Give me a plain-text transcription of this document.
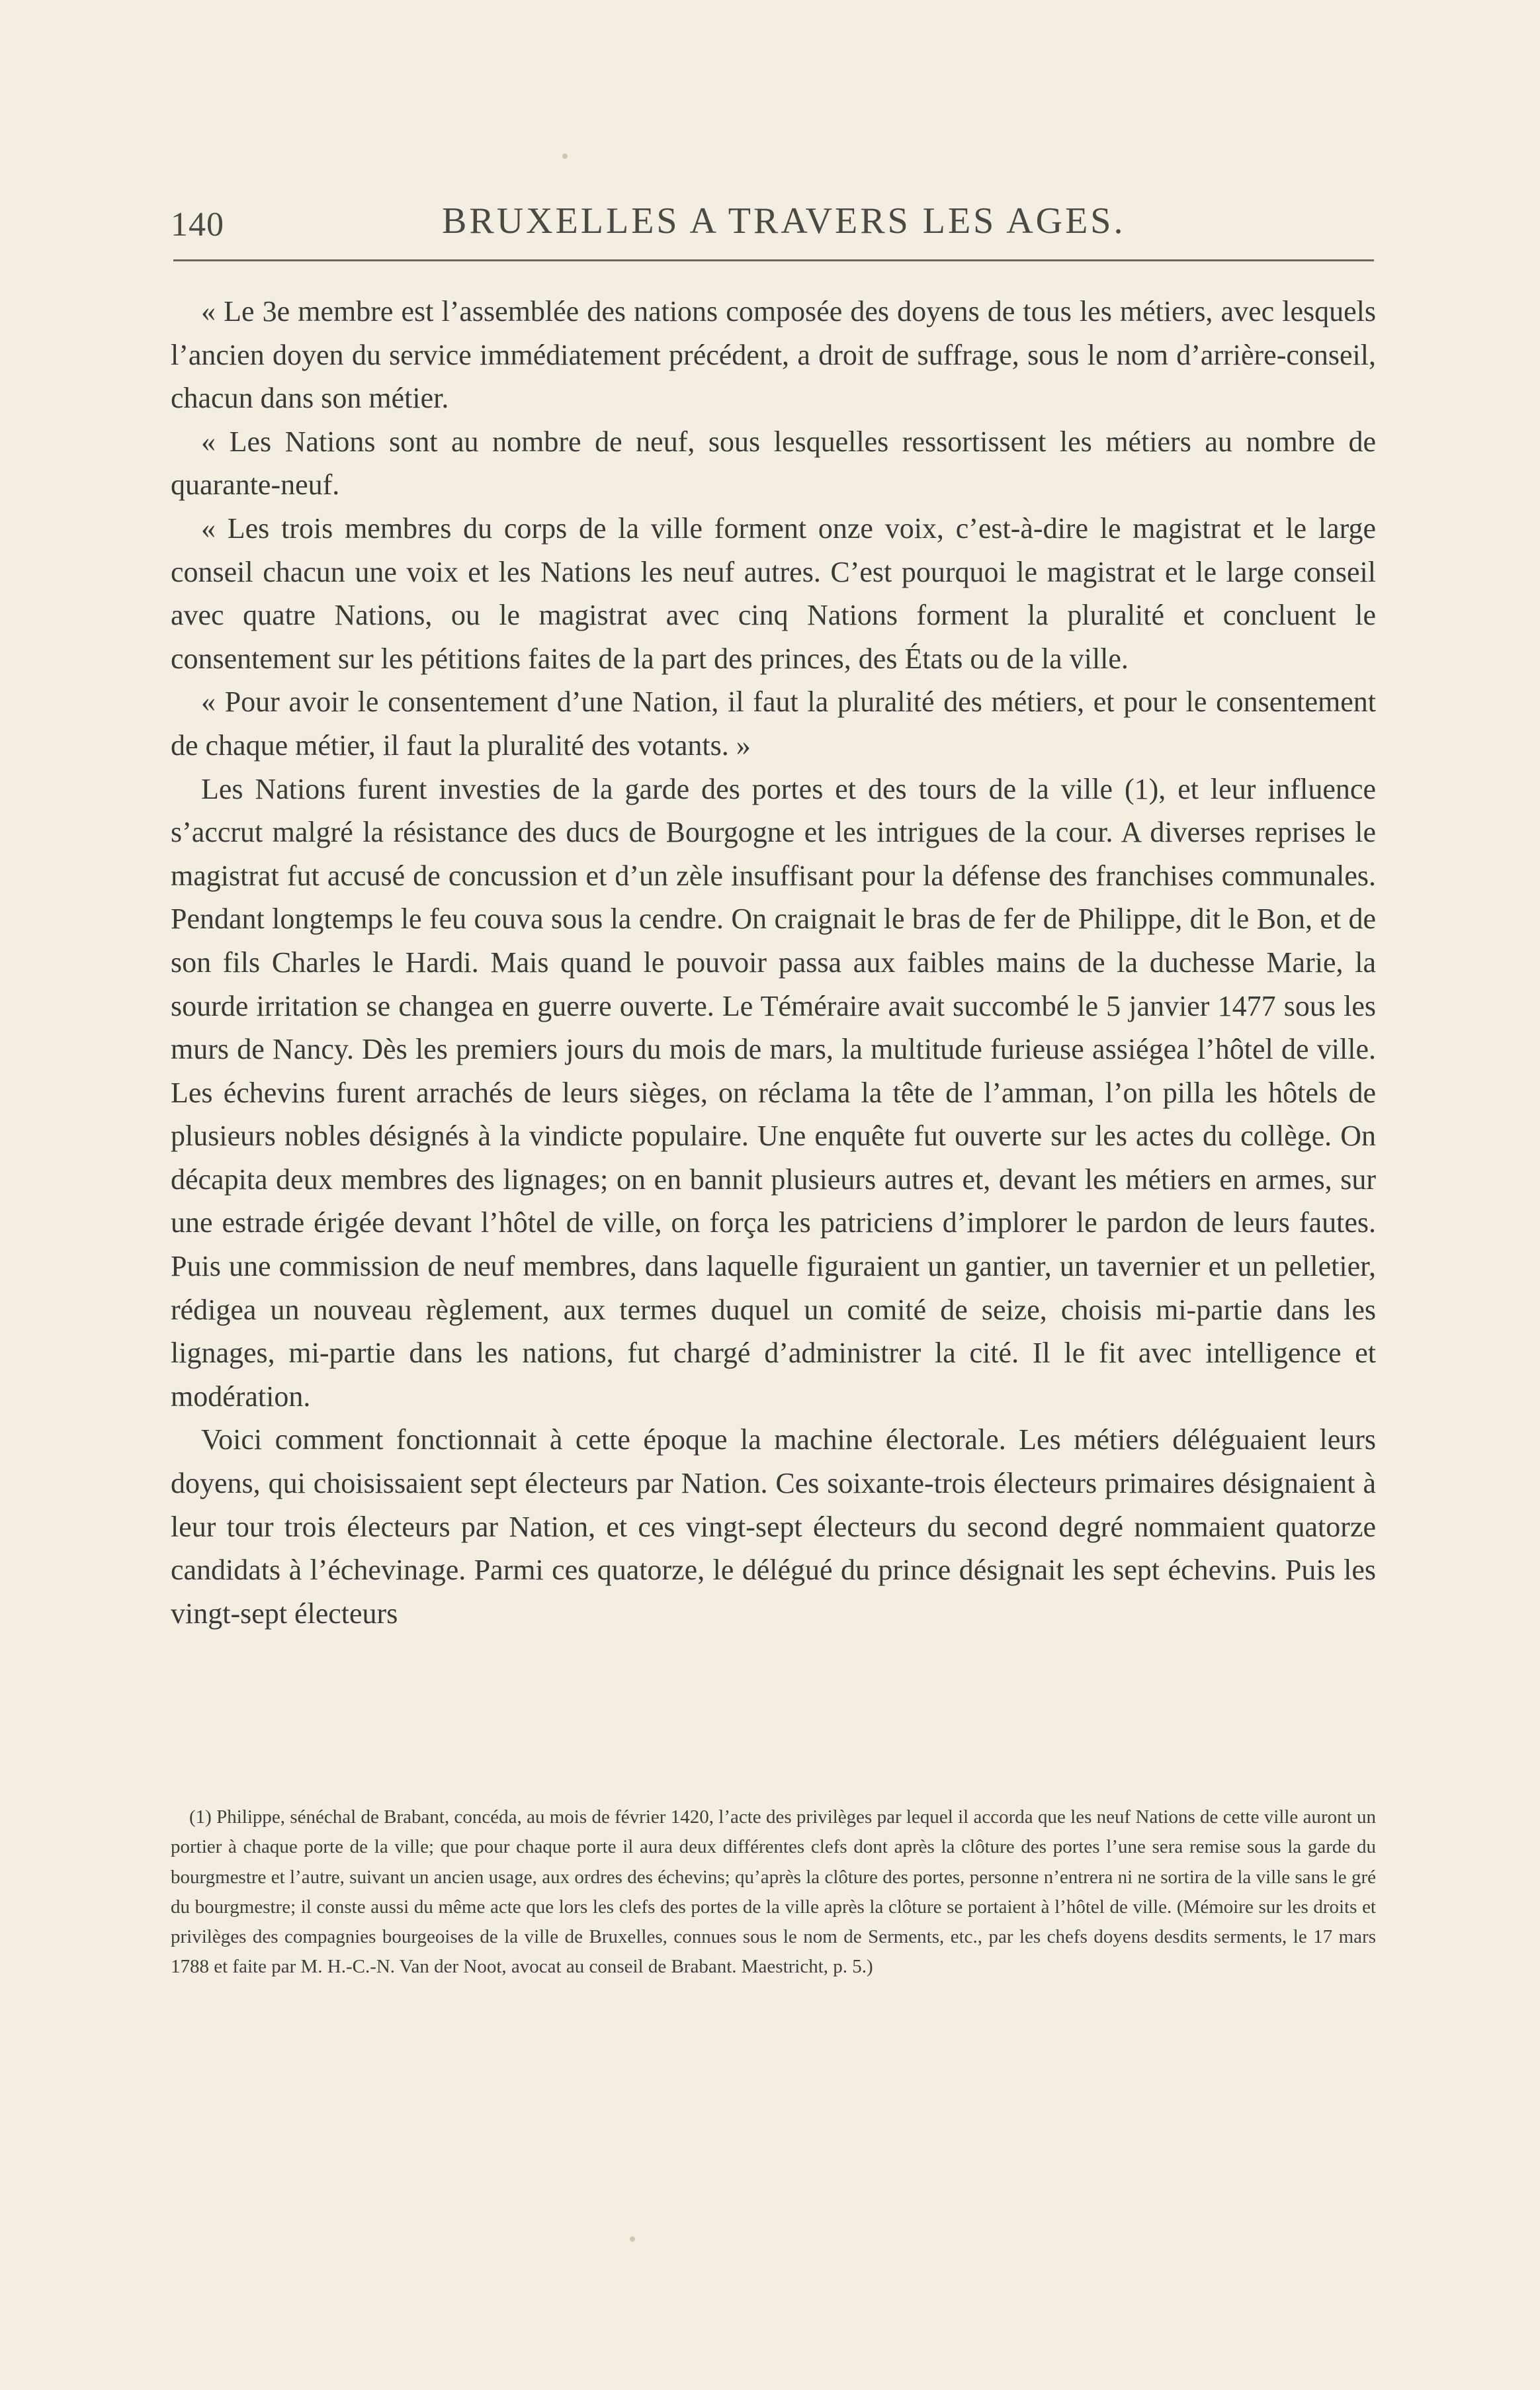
140	BRUXELLES A TRAVERS LES AGES.

« Le 3e membre est l’assemblée des nations composée des doyens de tous les métiers, avec lesquels l’ancien doyen du service immédiatement précédent, a droit de suffrage, sous le nom d’arrière-conseil, chacun dans son métier.

« Les Nations sont au nombre de neuf, sous lesquelles ressortissent les métiers au nombre de quarante-neuf.

« Les trois membres du corps de la ville forment onze voix, c’est-à-dire le magistrat et le large conseil chacun une voix et les Nations les neuf autres. C’est pourquoi le magistrat et le large conseil avec quatre Nations, ou le magistrat avec cinq Nations forment la pluralité et concluent le consentement sur les pétitions faites de la part des princes, des États ou de la ville.

« Pour avoir le consentement d’une Nation, il faut la pluralité des métiers, et pour le consentement de chaque métier, il faut la pluralité des votants. »

Les Nations furent investies de la garde des portes et des tours de la ville (1), et leur influence s’accrut malgré la résistance des ducs de Bourgogne et les intrigues de la cour. A diverses reprises le magistrat fut accusé de concussion et d’un zèle insuffisant pour la défense des franchises communales. Pendant longtemps le feu couva sous la cendre. On craignait le bras de fer de Philippe, dit le Bon, et de son fils Charles le Hardi. Mais quand le pouvoir passa aux faibles mains de la duchesse Marie, la sourde irritation se changea en guerre ouverte. Le Téméraire avait succombé le 5 janvier 1477 sous les murs de Nancy. Dès les premiers jours du mois de mars, la multitude furieuse assiégea l’hôtel de ville. Les échevins furent arrachés de leurs sièges, on réclama la tête de l’amman, l’on pilla les hôtels de plusieurs nobles désignés à la vindicte populaire. Une enquête fut ouverte sur les actes du collège. On décapita deux membres des lignages; on en bannit plusieurs autres et, devant les métiers en armes, sur une estrade érigée devant l’hôtel de ville, on força les patriciens d’implorer le pardon de leurs fautes. Puis une commission de neuf membres, dans laquelle figuraient un gantier, un tavernier et un pelletier, rédigea un nouveau règlement, aux termes duquel un comité de seize, choisis mi-partie dans les lignages, mi-partie dans les nations, fut chargé d’administrer la cité. Il le fit avec intelligence et modération.

Voici comment fonctionnait à cette époque la machine électorale. Les métiers déléguaient leurs doyens, qui choisissaient sept électeurs par Nation. Ces soixante-trois électeurs primaires désignaient à leur tour trois électeurs par Nation, et ces vingt-sept électeurs du second degré nommaient quatorze candidats à l’échevinage. Parmi ces quatorze, le délégué du prince désignait les sept échevins. Puis les vingt-sept électeurs

(1) Philippe, sénéchal de Brabant, concéda, au mois de février 1420, l’acte des privilèges par lequel il accorda que les neuf Nations de cette ville auront un portier à chaque porte de la ville; que pour chaque porte il aura deux différentes clefs dont après la clôture des portes l’une sera remise sous la garde du bourgmestre et l’autre, suivant un ancien usage, aux ordres des échevins; qu’après la clôture des portes, personne n’entrera ni ne sortira de la ville sans le gré du bourgmestre; il conste aussi du même acte que lors les clefs des portes de la ville après la clôture se portaient à l’hôtel de ville. (Mémoire sur les droits et privilèges des compagnies bourgeoises de la ville de Bruxelles, connues sous le nom de Serments, etc., par les chefs doyens desdits serments, le 17 mars 1788 et faite par M. H.-C.-N. Van der Noot, avocat au conseil de Brabant. Maestricht, p. 5.)
